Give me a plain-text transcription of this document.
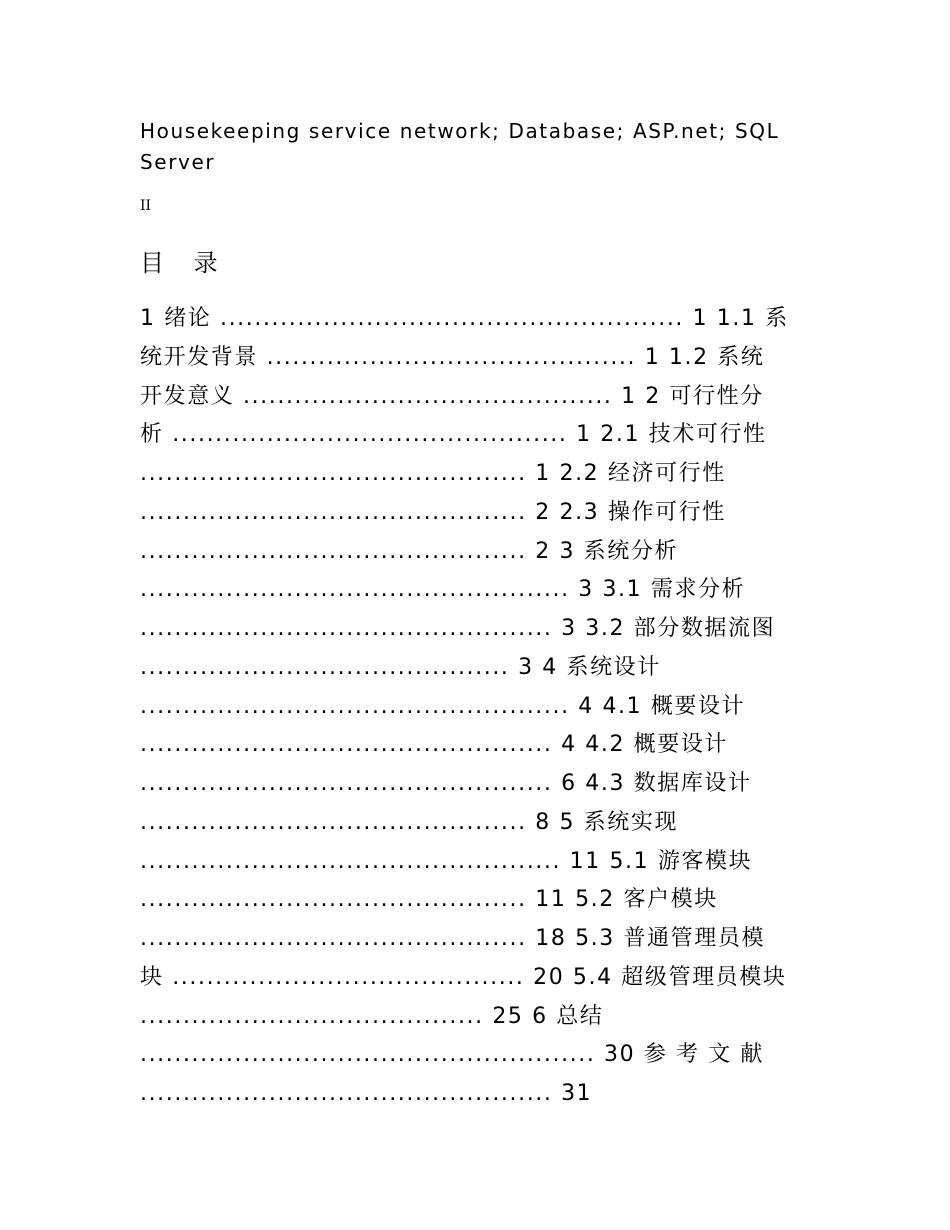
Housekeeping service network; Database; ASP.net; SQL Server
II
目 录
1 绪论 ...................................................... 1 1.1 系
统开发背景 ........................................... 1 1.2 系统
开发意义 ........................................... 1 2 可行性分
析 .............................................. 1 2.1 技术可行性
............................................. 1 2.2 经济可行性
............................................. 2 2.3 操作可行性
............................................. 2 3 系统分析
.................................................. 3 3.1 需求分析
................................................ 3 3.2 部分数据流图
........................................... 3 4 系统设计
.................................................. 4 4.1 概要设计
................................................ 4 4.2 概要设计
................................................ 6 4.3 数据库设计
............................................. 8 5 系统实现
................................................. 11 5.1 游客模块
............................................. 11 5.2 客户模块
............................................. 18 5.3 普通管理员模
块 ......................................... 20 5.4 超级管理员模块
........................................ 25 6 总结
..................................................... 30 参 考 文 献
................................................ 31
